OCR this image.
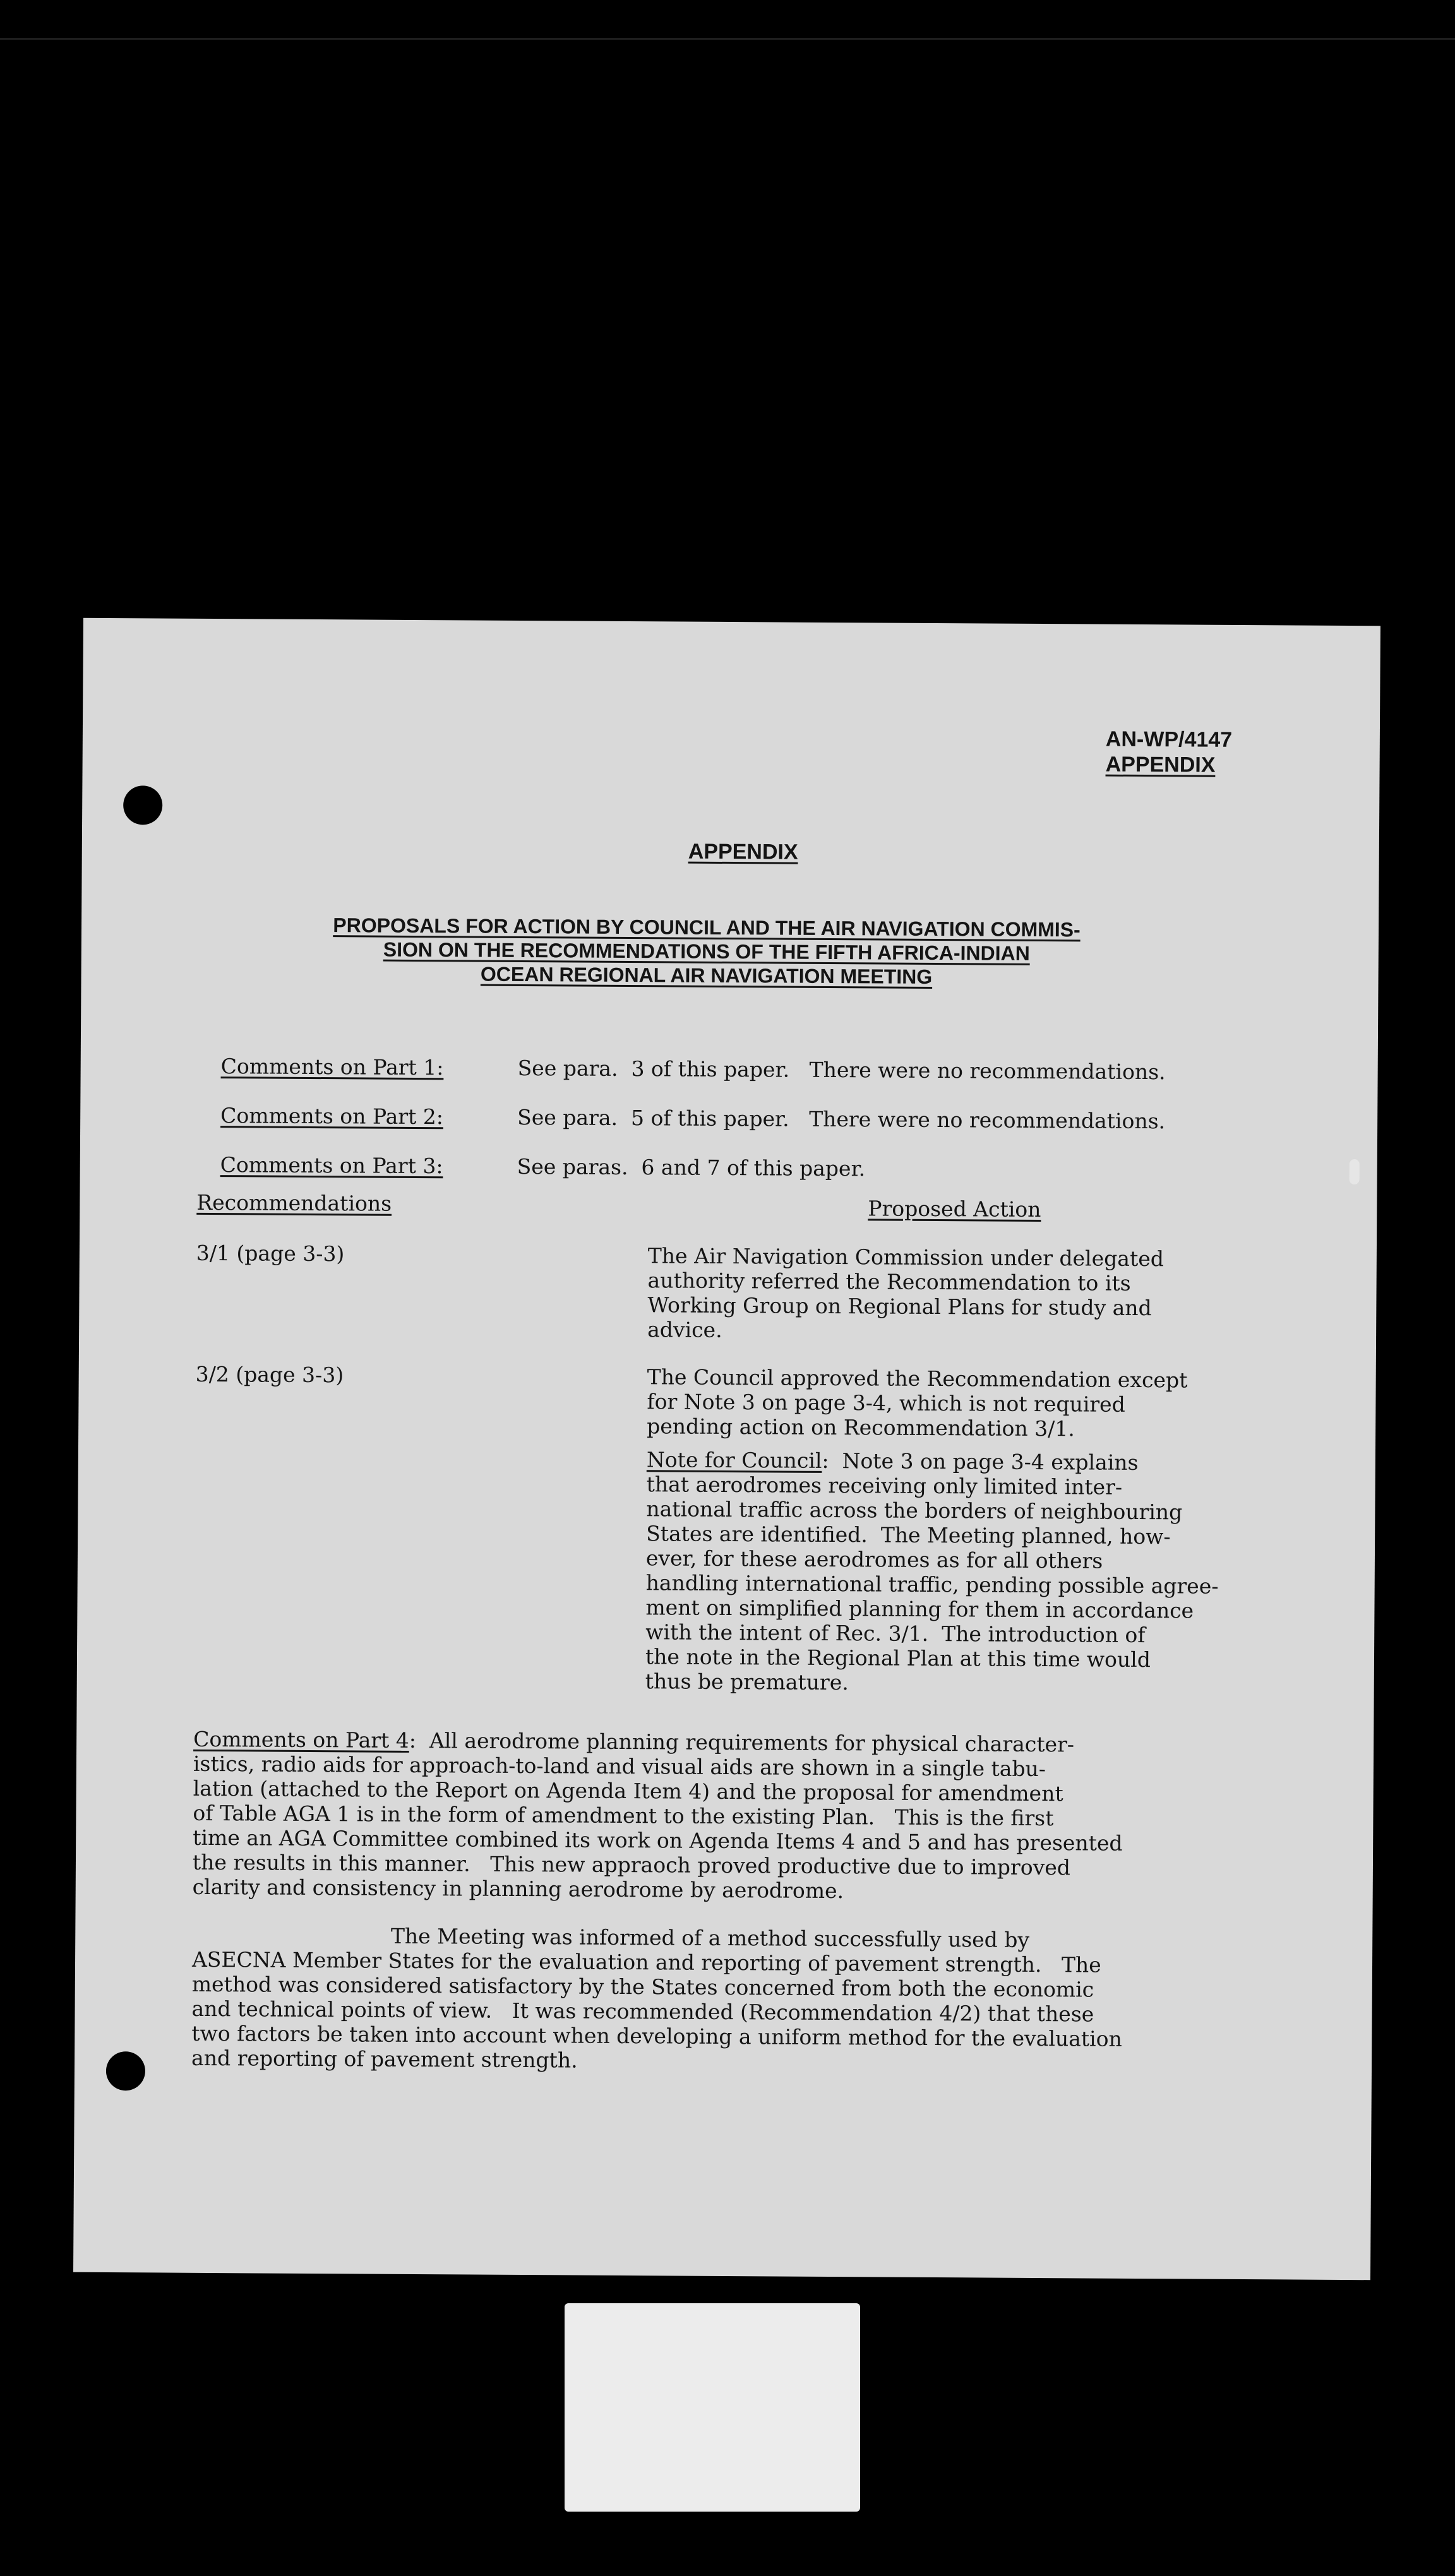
AN-WP/4147
APPENDIX
APPENDIX
PROPOSALS FOR ACTION BY COUNCIL AND THE AIR NAVIGATION COMMIS-
SION ON THE RECOMMENDATIONS OF THE FIFTH AFRICA-INDIAN
OCEAN REGIONAL AIR NAVIGATION MEETING

Comments on Part 1:	See para.  3 of this paper.   There were no recommendations.

Comments on Part 2:	See para.  5 of this paper.   There were no recommendations.

Comments on Part 3:	See paras.  6 and 7 of this paper.

Recommendations	Proposed Action
3/1 (page 3-3)	The Air Navigation Commission under delegated
authority referred the Recommendation to its
Working Group on Regional Plans for study and
advice.
3/2 (page 3-3)	The Council approved the Recommendation except
for Note 3 on page 3-4, which is not required
pending action on Recommendation 3/1.
Note for Council:  Note 3 on page 3-4 explains
that aerodromes receiving only limited inter-
national traffic across the borders of neighbouring
States are identified.  The Meeting planned, how-
ever, for these aerodromes as for all others
handling international traffic, pending possible agree-
ment on simplified planning for them in accordance
with the intent of Rec. 3/1.  The introduction of
the note in the Regional Plan at this time would
thus be premature.
Comments on Part 4:  All aerodrome planning requirements for physical character-
istics, radio aids for approach-to-land and visual aids are shown in a single tabu-
lation (attached to the Report on Agenda Item 4) and the proposal for amendment
of Table AGA 1 is in the form of amendment to the existing Plan.   This is the first
time an AGA Committee combined its work on Agenda Items 4 and 5 and has presented
the results in this manner.   This new appraoch proved productive due to improved
clarity and consistency in planning aerodrome by aerodrome.
The Meeting was informed of a method successfully used by
ASECNA Member States for the evaluation and reporting of pavement strength.   The
method was considered satisfactory by the States concerned from both the economic
and technical points of view.   It was recommended (Recommendation 4/2) that these
two factors be taken into account when developing a uniform method for the evaluation
and reporting of pavement strength.
